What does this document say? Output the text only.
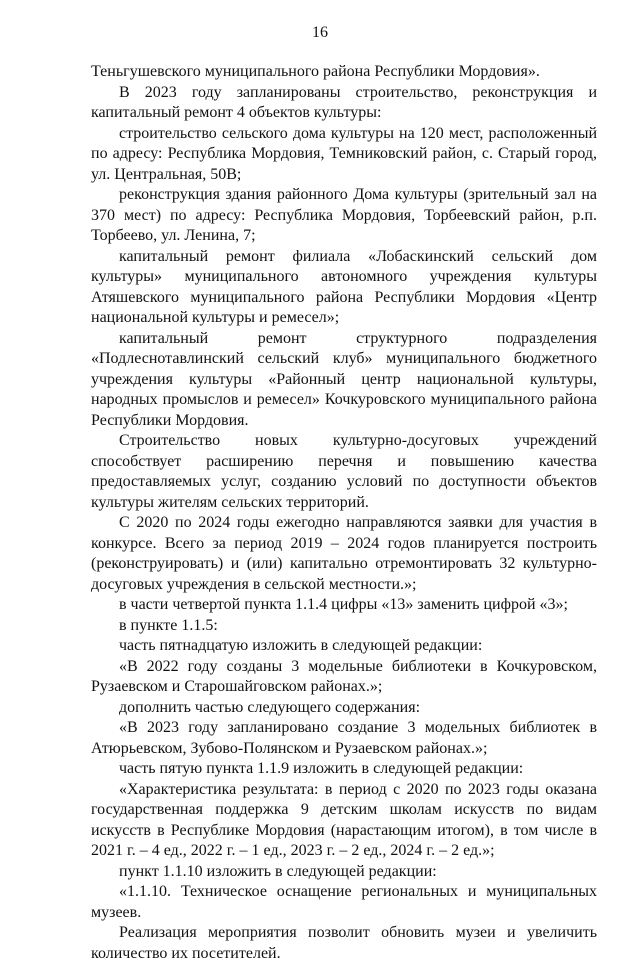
16

Теньгушевского муниципального района Республики Мордовия».

В 2023 году запланированы строительство, реконструкция и капитальный ремонт 4 объектов культуры:

строительство сельского дома культуры на 120 мест, расположенный по адресу: Республика Мордовия, Темниковский район, с. Старый город, ул. Центральная, 50В;

реконструкция здания районного Дома культуры (зрительный зал на 370 мест) по адресу: Республика Мордовия, Торбеевский район, р.п. Торбеево, ул. Ленина, 7;

капитальный ремонт филиала «Лобаскинский сельский дом культуры» муниципального автономного учреждения культуры Атяшевского муниципального района Республики Мордовия «Центр национальной культуры и ремесел»;

капитальный ремонт структурного подразделения «Подлеснотавлинский сельский клуб» муниципального бюджетного учреждения культуры «Районный центр национальной культуры, народных промыслов и ремесел» Кочкуровского муниципального района Республики Мордовия.

Строительство новых культурно-досуговых учреждений способствует расширению перечня и повышению качества предоставляемых услуг, созданию условий по доступности объектов культуры жителям сельских территорий.

С 2020 по 2024 годы ежегодно направляются заявки для участия в конкурсе. Всего за период 2019 – 2024 годов планируется построить (реконструировать) и (или) капитально отремонтировать 32 культурно-досуговых учреждения в сельской местности.»;

в части четвертой пункта 1.1.4 цифры «13» заменить цифрой «3»;

в пункте 1.1.5:

часть пятнадцатую изложить в следующей редакции:

«В 2022 году созданы 3 модельные библиотеки в Кочкуровском, Рузаевском и Старошайговском районах.»;

дополнить частью следующего содержания:

«В 2023 году запланировано создание 3 модельных библиотек в Атюрьевском, Зубово-Полянском и Рузаевском районах.»;

часть пятую пункта 1.1.9 изложить в следующей редакции:

«Характеристика результата: в период с 2020 по 2023 годы оказана государственная поддержка 9 детским школам искусств по видам искусств в Республике Мордовия (нарастающим итогом), в том числе в 2021 г. – 4 ед., 2022 г. – 1 ед., 2023 г. – 2 ед., 2024 г. – 2 ед.»;

пункт 1.1.10 изложить в следующей редакции:

«1.1.10. Техническое оснащение региональных и муниципальных музеев.

Реализация мероприятия позволит обновить музеи и увеличить количество их посетителей.
